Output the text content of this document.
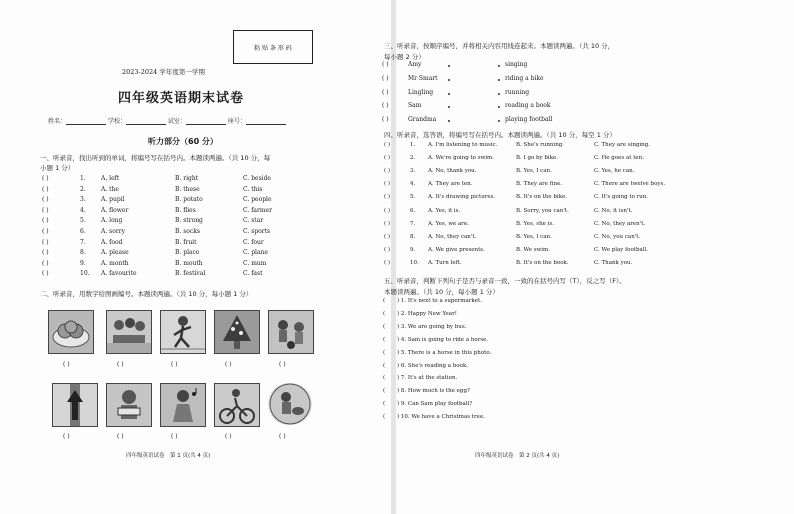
粘 贴 条 形 码
2023-2024 学年度第一学期
四年级英语期末试卷
姓名：	学校：	试室：	座号：
听力部分（60 分）
一、听录音，找出听到的单词，将编号写在括号内。本题读两遍。（共 10 分，每
小题 1 分）
( )	1.	A. left	B. right	C. beside
( )	2.	A. the	B. these	C. this
( )	3.	A. pupil	B. potato	C. people
( )	4.	A. flower	B. flies	C. farmer
( )	5.	A. long	B. strong	C. star
( )	6.	A. sorry	B. socks	C. sports
( )	7.	A. food	B. fruit	C. four
( )	8.	A. please	B. place	C. plane
( )	9.	A. month	B. mouth	C. mum
( )	10. A. favourite	B. festival	C. fast
二、听录音，用数字给图画编号。本题读两遍。（共 10 分，每小题 1 分）
( )	( )	( )	( )	( )
( )	( )	( )	( )	( )
四年级英语试卷　第 1 页(共 4 页)
三、听录音，按顺序编号，并将相关内容用线连起来。本题读两遍。（共 10 分，
每小题 2 分）
( )	Amy	singing
( )	Mr Smart	riding a bike
( )	Lingling	running
( )	Sam	reading a book
( )	Grandma	playing football
四、听录音，选答语，将编号写在括号内。本题读两遍。（共 10 分，每空 1 分）
( )	1. A. I'm listening to music.	B. She's running.	C. They are singing.
( )	2. A. We're going to swim.	B. I go by bike.	C. He goes at ten.
( )	3. A. No, thank you.	B. Yes, I can.	C. Yes, he can.
( )	4. A. They are ten.	B. They are fine.	C. There are twelve boys.
( )	5. A. It's drawing pictures.	B. It's on the bike.	C. It's going to run.
( )	6. A. Yes, it is.	B. Sorry, you can't.	C. No, it isn't.
( )	7. A. Yes, we are.	B. Yes, she is.	C. No, they aren't.
( )	8. A. No, they can't.	B. Yes, I can.	C. No, you can't.
( )	9. A. We give presents.	B. We swim.	C. We play football.
( )	10. A. Turn left.	B. It's on the book.	C. Thank you.
五、听录音，判断下列句子是否与录音一致，一致的在括号内写（T），反之写（F）。
本题读两遍。（共 10 分，每小题 1 分）
( ) 1. It's next to a supermarket.
( ) 2. Happy New Year!
( ) 3. We are going by bus.
( ) 4. Sam is going to ride a horse.
( ) 5. There is a horse in this photo.
( ) 6. She's reading a book.
( ) 7. It's at the station.
( ) 8. How much is the egg?
( ) 9. Can Sam play football?
( ) 10. We have a Christmas tree.
四年级英语试卷　第 2 页(共 4 页)
